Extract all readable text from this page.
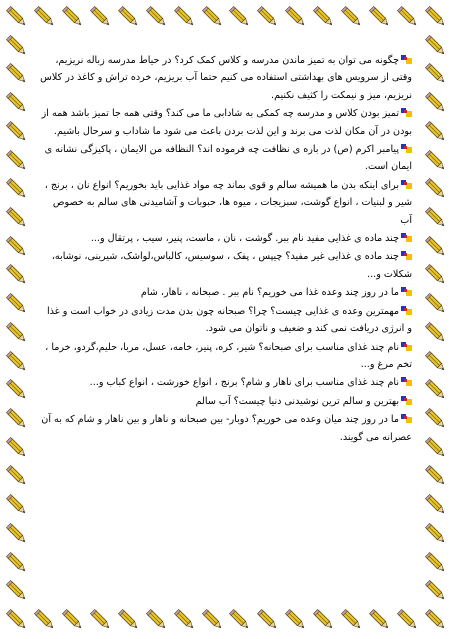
چگونه می توان به تمیز ماندن مدرسه و کلاس کمک کرد؟ در حیاط مدرسه زباله نریزیم، وقتی از سرویس های بهداشتی استفاده می کنیم حتما آب بریزیم، خرده تراش و کاغذ در کلاس نریزیم، میز و نیمکت را کثیف نکنیم.
تمیز بودن کلاس و مدرسه چه کمکی به شادابی ما می کند؟ وقتی همه جا تمیز باشد همه از بودن در آن مکان لذت می برند و این لذت بردن باعث می شود ما شاداب و سرحال باشیم.
پیامبر اکرم (ص) در باره ی نظافت چه فرموده اند؟ النظافه من الایمان ، پاکیزگی نشانه ی ایمان است.
برای اینکه بدن ما همیشه سالم و قوی بماند چه مواد غذایی باید بخوریم؟ انواع نان ، برنج ، شیر و لبنیات ، انواع گوشت، سبزیجات ، میوه ها، حبوبات و آشامیدنی های سالم به خصوص آب
چند ماده ی غذایی مفید نام ببر. گوشت ، نان ، ماست، پنیر، سیب ، پرتقال و...
چند ماده ی غذایی غیر مفید؟ چیپس ، پفک ، سوسیس، کالباس،لواشک، شیرینی، نوشابه، شکلات و...
ما در روز چند وعده غذا می خوریم؟ نام ببر . صبحانه ، ناهار، شام
مهمترین وعده ی غذایی چیست؟ چرا؟ صبحانه چون بدن مدت زیادی در خواب است و غذا و انرژی دریافت نمی کند و ضعیف و ناتوان می شود.
نام چند غذای مناسب برای صبحانه؟ شیر، کره، پنیر، خامه، عسل، مربا، حلیم،گردو، خرما ، تخم مرغ و...
نام چند غذای مناسب برای ناهار و شام؟ برنج ، انواع خورشت ، انواع کباب و...
بهترین و سالم ترین نوشیدنی دنیا چیست؟ آب سالم
ما در روز چند میان وعده می خوریم؟ دوبار- بین صبحانه و ناهار و بین ناهار و شام که به آن عصرانه می گویند.
